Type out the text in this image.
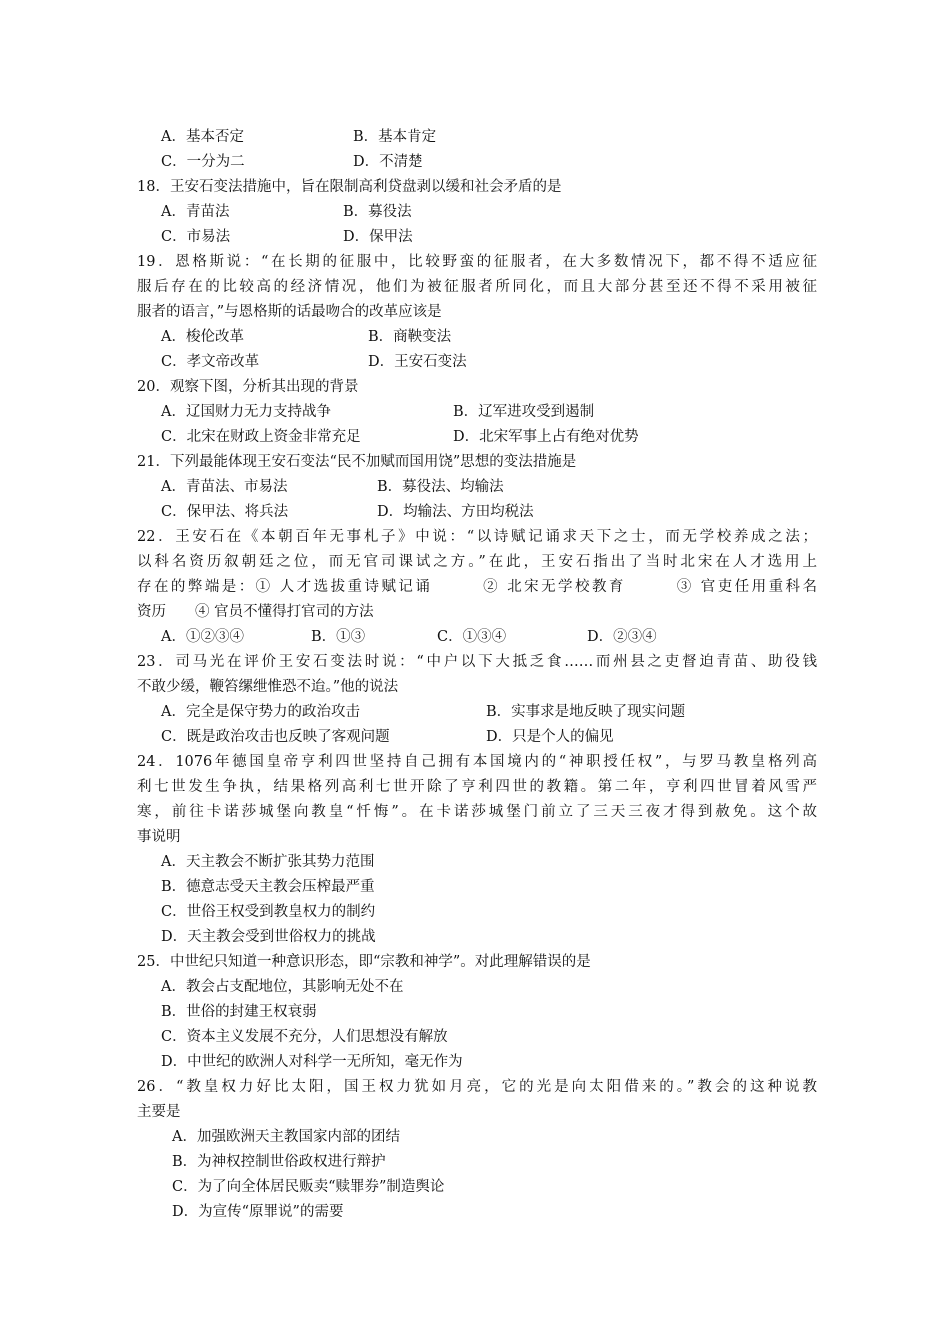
A．基本否定	B．基本肯定
C．一分为二	D．不清楚
18．王安石变法措施中，旨在限制高利贷盘剥以缓和社会矛盾的是
A．青苗法	B．募役法
C．市易法	D．保甲法
19．恩格斯说：“在长期的征服中，比较野蛮的征服者，在大多数情况下，都不得不适应征
服后存在的比较高的经济情况，他们为被征服者所同化，而且大部分甚至还不得不采用被征
服者的语言，”与恩格斯的话最吻合的改革应该是
A．梭伦改革	B．商鞅变法
C．孝文帝改革	D．王安石变法
20．观察下图，分析其出现的背景
A．辽国财力无力支持战争	B．辽军进攻受到遏制
C．北宋在财政上资金非常充足	D．北宋军事上占有绝对优势
21．下列最能体现王安石变法“民不加赋而国用饶”思想的变法措施是
A．青苗法、市易法	B．募役法、均输法
C．保甲法、将兵法	D．均输法、方田均税法
22．王安石在《本朝百年无事札子》中说：“以诗赋记诵求天下之士，而无学校养成之法；
以科名资历叙朝廷之位，而无官司课试之方。”在此，王安石指出了当时北宋在人才选用上
存在的弊端是：① 人才选拔重诗赋记诵　　　② 北宋无学校教育　　　③ 官吏任用重科名
资历　　④ 官员不懂得打官司的方法
A．①②③④	B．①③	C．①③④	D．②③④
23．司马光在评价王安石变法时说：“中户以下大抵乏食……而州县之吏督迫青苗、助役钱
不敢少缓，鞭笞缧绁惟恐不迨。”他的说法
A．完全是保守势力的政治攻击	B．实事求是地反映了现实问题
C．既是政治攻击也反映了客观问题	D．只是个人的偏见
24．1076年德国皇帝亨利四世坚持自己拥有本国境内的“神职授任权”，与罗马教皇格列高
利七世发生争执，结果格列高利七世开除了亨利四世的教籍。第二年，亨利四世冒着风雪严
寒，前往卡诺莎城堡向教皇“忏悔”。在卡诺莎城堡门前立了三天三夜才得到赦免。这个故
事说明
A．天主教会不断扩张其势力范围
B．德意志受天主教会压榨最严重
C．世俗王权受到教皇权力的制约
D．天主教会受到世俗权力的挑战
25．中世纪只知道一种意识形态，即“宗教和神学”。对此理解错误的是
A．教会占支配地位，其影响无处不在
B．世俗的封建王权衰弱
C．资本主义发展不充分，人们思想没有解放
D．中世纪的欧洲人对科学一无所知，毫无作为
26．“教皇权力好比太阳，国王权力犹如月亮，它的光是向太阳借来的。”教会的这种说教
主要是
A．加强欧洲天主教国家内部的团结
B．为神权控制世俗政权进行辩护
C．为了向全体居民贩卖“赎罪券”制造舆论
D．为宣传“原罪说”的需要
